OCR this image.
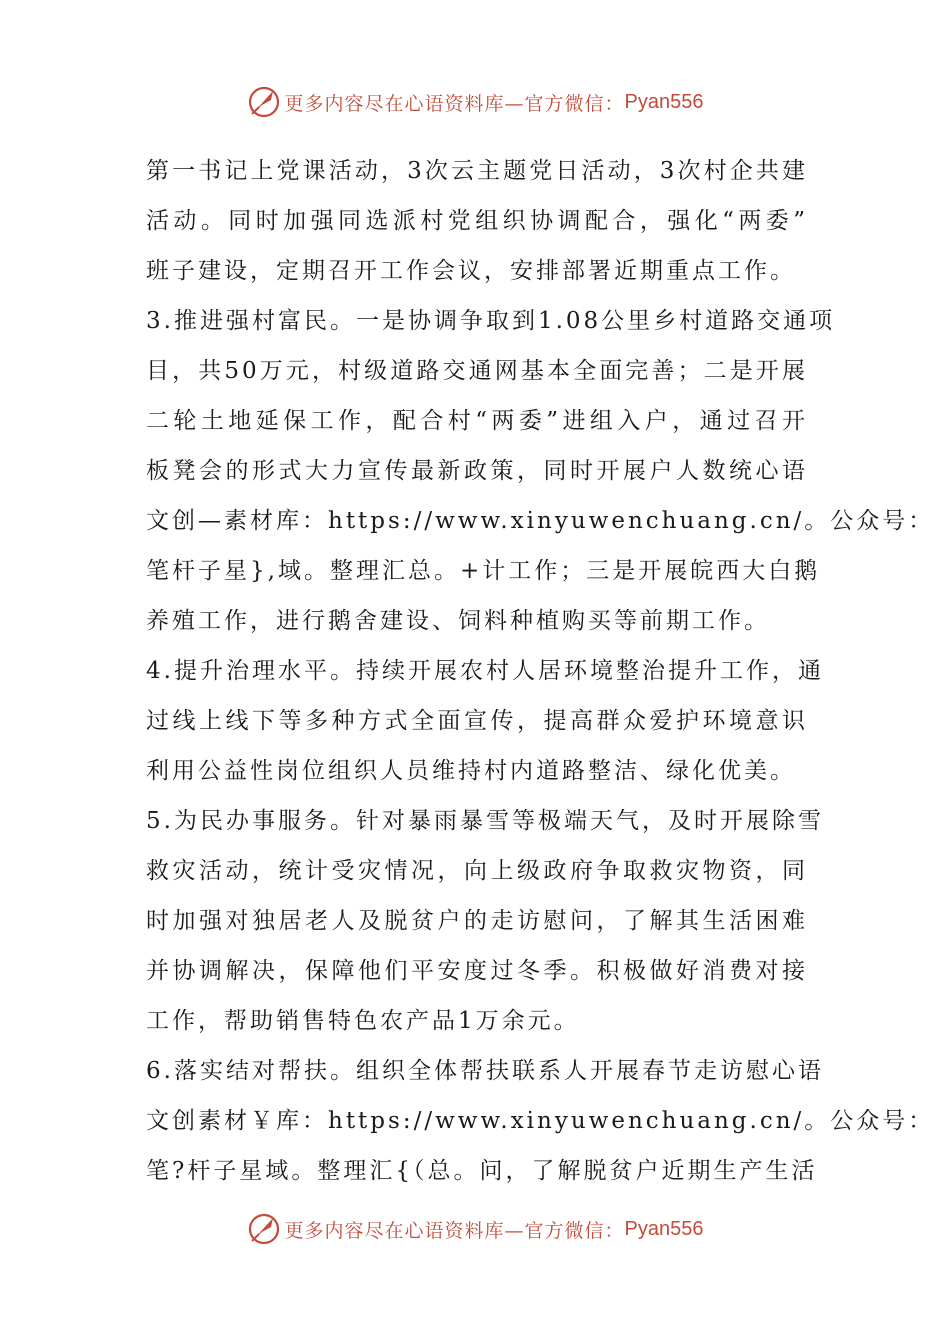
更多内容尽在心语资料库—官方微信： Pyan556
第一书记上党课活动，3次云主题党日活动，3次村企共建
活动。同时加强同选派村党组织协调配合，强化“两委”
班子建设，定期召开工作会议，安排部署近期重点工作。
3.推进强村富民。一是协调争取到1.08公里乡村道路交通项
目，共50万元，村级道路交通网基本全面完善；二是开展
二轮土地延保工作，配合村“两委”进组入户，通过召开
板凳会的形式大力宣传最新政策，同时开展户人数统心语
文创—素材库：https://www.xinyuwenchuang.cn/。公众号：
笔杆子星},域。整理汇总。+计工作；三是开展皖西大白鹅
养殖工作，进行鹅舍建设、饲料种植购买等前期工作。
4.提升治理水平。持续开展农村人居环境整治提升工作，通
过线上线下等多种方式全面宣传，提高群众爱护环境意识
利用公益性岗位组织人员维持村内道路整洁、绿化优美。
5.为民办事服务。针对暴雨暴雪等极端天气，及时开展除雪
救灾活动，统计受灾情况，向上级政府争取救灾物资，同
时加强对独居老人及脱贫户的走访慰问，了解其生活困难
并协调解决，保障他们平安度过冬季。积极做好消费对接
工作，帮助销售特色农产品1万余元。
6.落实结对帮扶。组织全体帮扶联系人开展春节走访慰心语
文创素材￥库：https://www.xinyuwenchuang.cn/。公众号：
笔?杆子星域。整理汇{（总。问，了解脱贫户近期生产生活
更多内容尽在心语资料库—官方微信： Pyan556
